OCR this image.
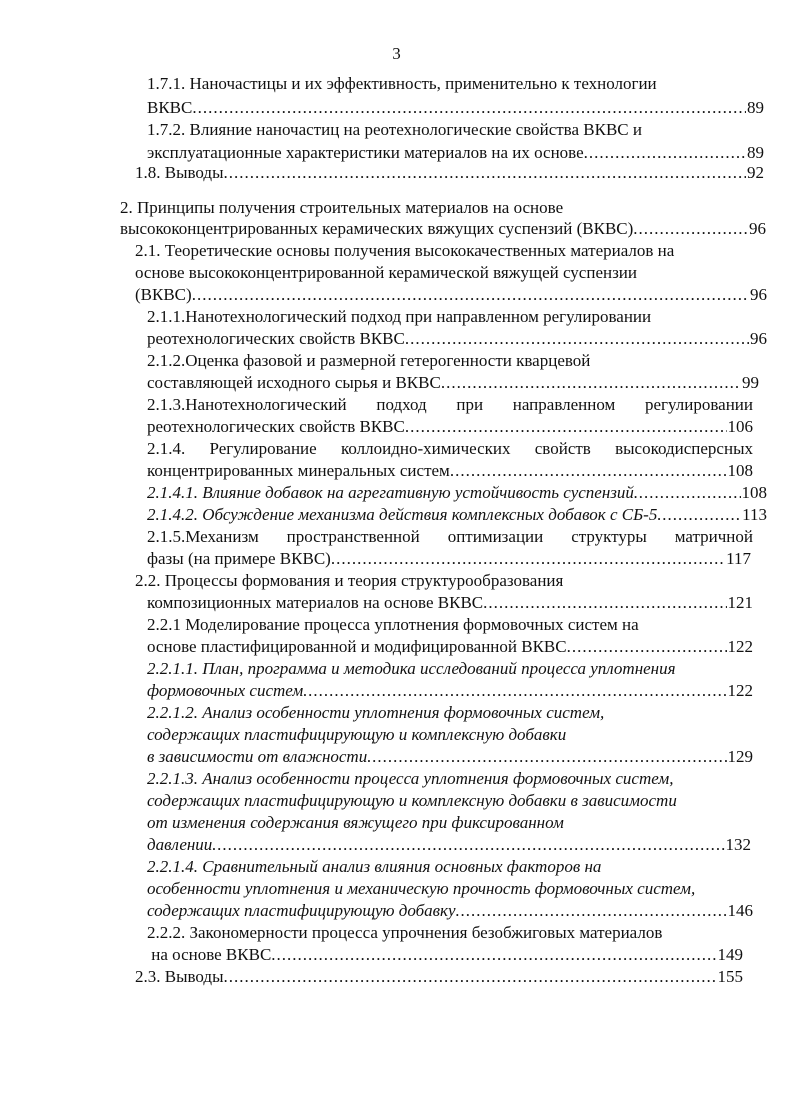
3
1.7.1. Наночастицы и их эффективность, применительно к технологии
ВКВС .....	89
1.7.2. Влияние наночастиц на реотехнологические свойства ВКВС и
эксплуатационные характеристики материалов на их основе .....	89
1.8. Выводы .....	92
2. Принципы получения строительных материалов на основе
высококонцентрированных керамических вяжущих суспензий (ВКВС) .....	96
2.1. Теоретические основы получения высококачественных материалов на
основе высококонцентрированной керамической вяжущей суспензии
(ВКВС) .....	96
2.1.1.Нанотехнологический подход при направленном регулировании
реотехнологических свойств ВКВС .....	96
2.1.2.Оценка фазовой и размерной гетерогенности кварцевой
составляющей исходного сырья и ВКВС .....	99
2.1.3.Нанотехнологический подход при направленном регулировании
реотехнологических свойств ВКВС .....	106
2.1.4. Регулирование коллоидно-химических свойств высокодисперсных
концентрированных минеральных систем .....	108
2.1.4.1. Влияние добавок на агрегативную устойчивость суспензий .....	108
2.1.4.2. Обсуждение механизма действия комплексных добавок с СБ-5 .....	113
2.1.5.Механизм пространственной оптимизации структуры матричной
фазы (на примере ВКВС) .....	117
2.2. Процессы формования и теория структурообразования
композиционных материалов на основе ВКВС .....	121
2.2.1 Моделирование процесса уплотнения формовочных систем на
основе пластифицированной и модифицированной ВКВС .....	122
2.2.1.1. План, программа и методика исследований процесса уплотнения
формовочных систем .....	122
2.2.1.2. Анализ особенности уплотнения формовочных систем,
содержащих пластифицирующую и комплексную добавки
в зависимости от влажности .....	129
2.2.1.3. Анализ особенности процесса уплотнения формовочных систем,
содержащих пластифицирующую и комплексную добавки в зависимости
от изменения содержания вяжущего при фиксированном
давлении .....	132
2.2.1.4. Сравнительный анализ влияния основных факторов на
особенности уплотнения и механическую прочность формовочных систем,
содержащих пластифицирующую добавку .....	146
2.2.2. Закономерности процесса упрочнения безобжиговых материалов
на основе ВКВС .....	149
2.3. Выводы .....	155
